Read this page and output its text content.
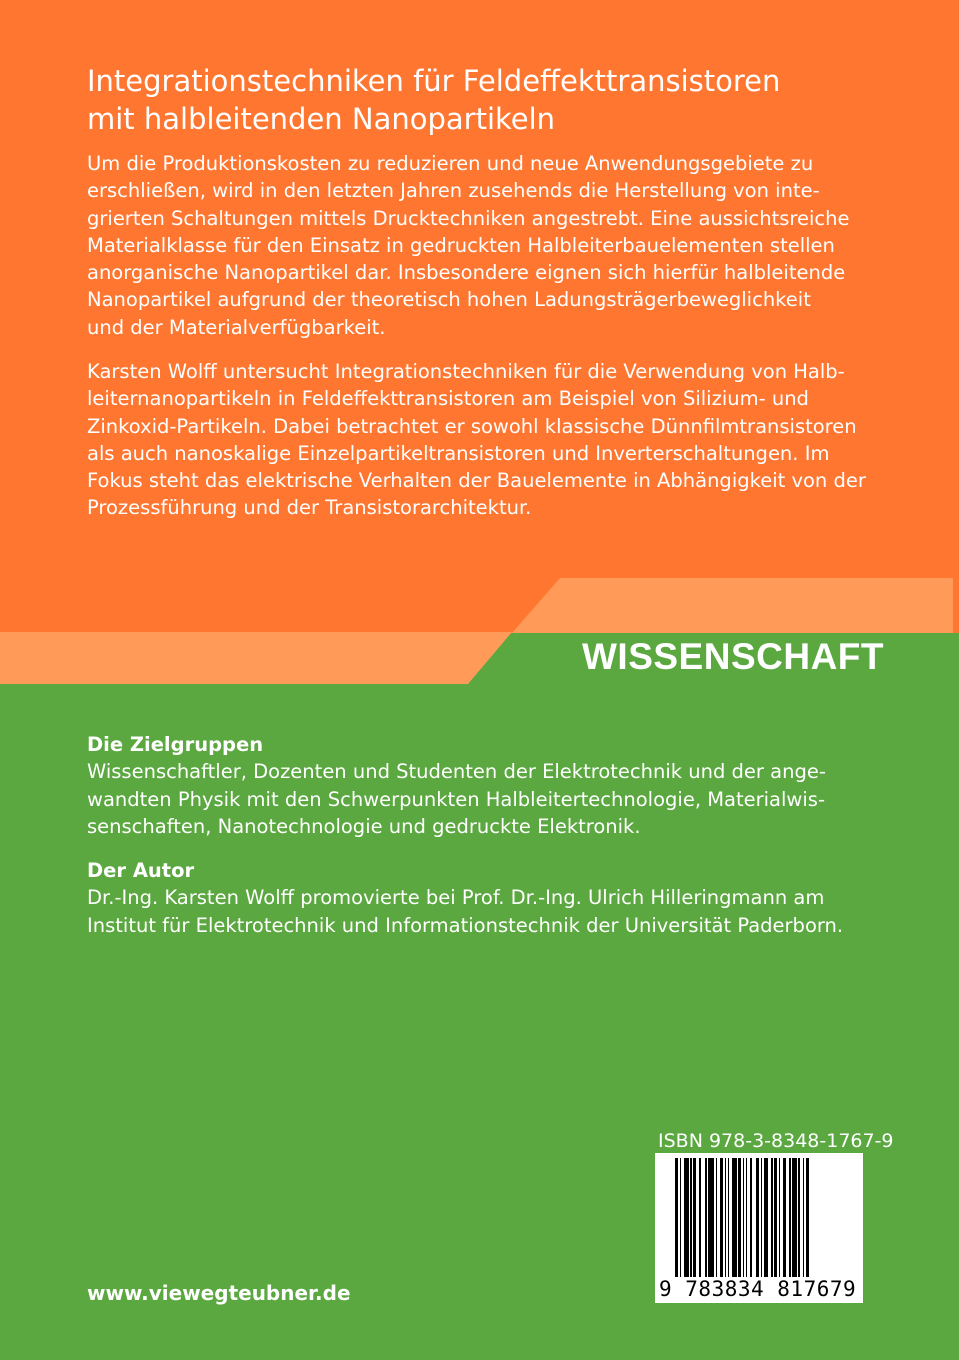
WISSENSCHAFT
Integrationstechniken für Feldeffekttransistoren
mit halbleitenden Nanopartikeln
Um die Produktionskosten zu reduzieren und neue Anwendungsgebiete zu
erschließen, wird in den letzten Jahren zusehends die Herstellung von inte-
grierten Schaltungen mittels Drucktechniken angestrebt. Eine aussichtsreiche
Materialklasse für den Einsatz in gedruckten Halbleiterbauelementen stellen
anorganische Nanopartikel dar. Insbesondere eignen sich hierfür halbleitende
Nanopartikel aufgrund der theoretisch hohen Ladungsträgerbeweglichkeit
und der Materialverfügbarkeit.
Karsten Wolff untersucht Integrationstechniken für die Verwendung von Halb-
leiternanopartikeln in Feldeffekttransistoren am Beispiel von Silizium- und
Zinkoxid-Partikeln. Dabei betrachtet er sowohl klassische Dünnfilmtransistoren
als auch nanoskalige Einzelpartikeltransistoren und Inverterschaltungen. Im
Fokus steht das elektrische Verhalten der Bauelemente in Abhängigkeit von der
Prozessführung und der Transistorarchitektur.
Die Zielgruppen
Wissenschaftler, Dozenten und Studenten der Elektrotechnik und der ange-
wandten Physik mit den Schwerpunkten Halbleitertechnologie, Materialwis-
senschaften, Nanotechnologie und gedruckte Elektronik.
Der Autor
Dr.-Ing. Karsten Wolff promovierte bei Prof. Dr.-Ing. Ulrich Hilleringmann am
Institut für Elektrotechnik und Informationstechnik der Universität Paderborn.
ISBN 978-3-8348-1767-9
9 783834 817679
www.viewegteubner.de
